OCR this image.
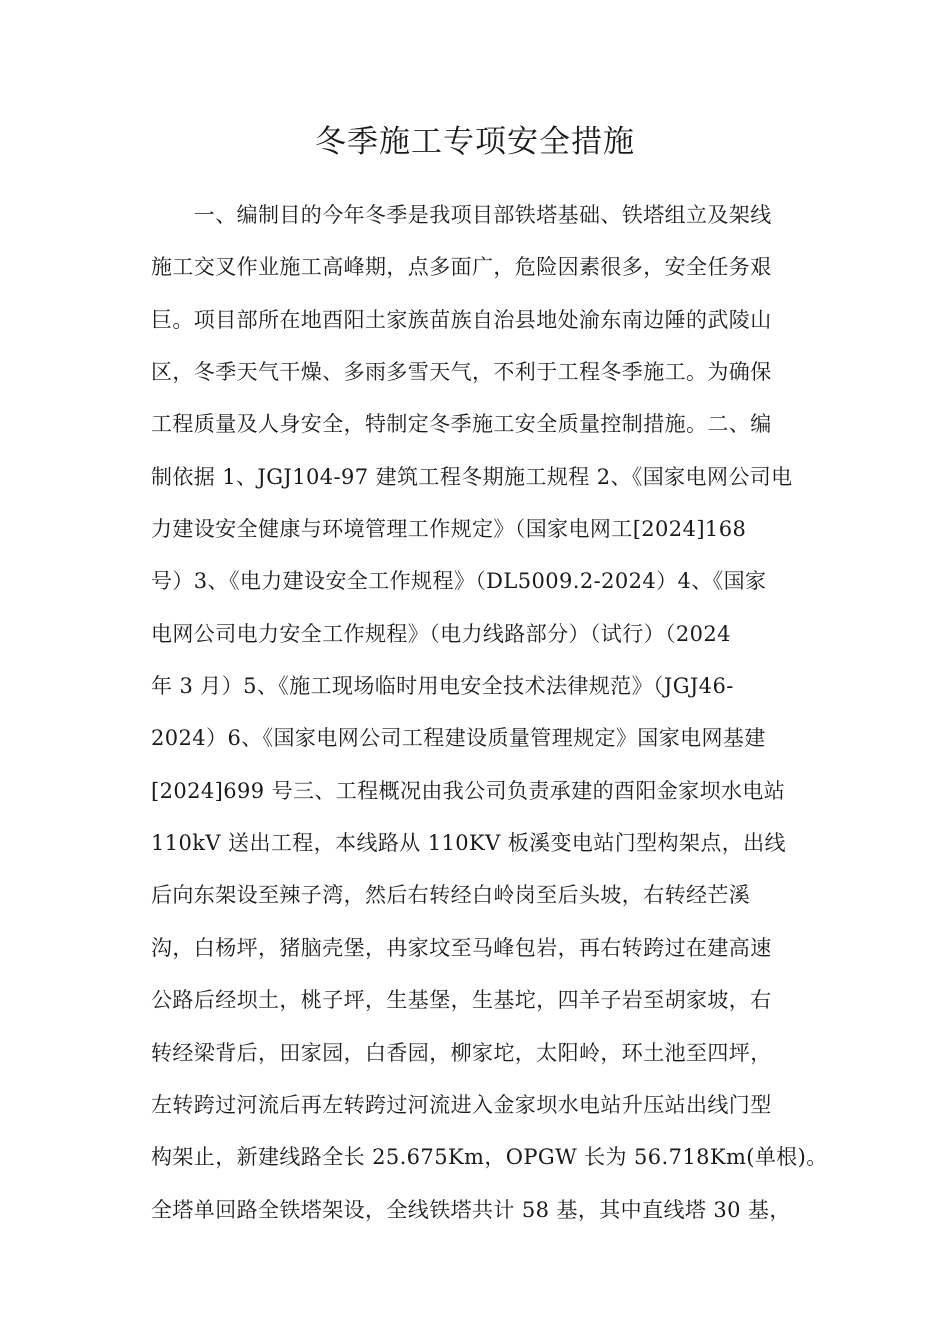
冬季施工专项安全措施
　　一、编制目的今年冬季是我项目部铁塔基础、铁塔组立及架线
施工交叉作业施工高峰期，点多面广，危险因素很多，安全任务艰
巨。项目部所在地酉阳土家族苗族自治县地处渝东南边陲的武陵山
区，冬季天气干燥、多雨多雪天气，不利于工程冬季施工。为确保
工程质量及人身安全，特制定冬季施工安全质量控制措施。二、编
制依据 1、JGJ104-97 建筑工程冬期施工规程 2、《国家电网公司电
力建设安全健康与环境管理工作规定》（国家电网工[2024]168
号）3、《电力建设安全工作规程》（DL5009.2-2024）4、《国家
电网公司电力安全工作规程》（电力线路部分）（试行）（2024
年 3 月）5、《施工现场临时用电安全技术法律规范》（JGJ46-
2024）6、《国家电网公司工程建设质量管理规定》国家电网基建
[2024]699 号三、工程概况由我公司负责承建的酉阳金家坝水电站
110kV 送出工程，本线路从 110KV 板溪变电站门型构架点，出线
后向东架设至辣子湾，然后右转经白岭岗至后头坡，右转经芒溪
沟，白杨坪，猪脑壳堡，冉家坟至马峰包岩，再右转跨过在建高速
公路后经坝土，桃子坪，生基堡，生基坨，四羊子岩至胡家坡，右
转经梁背后，田家园，白香园，柳家坨，太阳岭，环土池至四坪，
左转跨过河流后再左转跨过河流进入金家坝水电站升压站出线门型
构架止，新建线路全长 25.675Km，OPGW 长为 56.718Km(单根)。
全塔单回路全铁塔架设，全线铁塔共计 58 基，其中直线塔 30 基，
